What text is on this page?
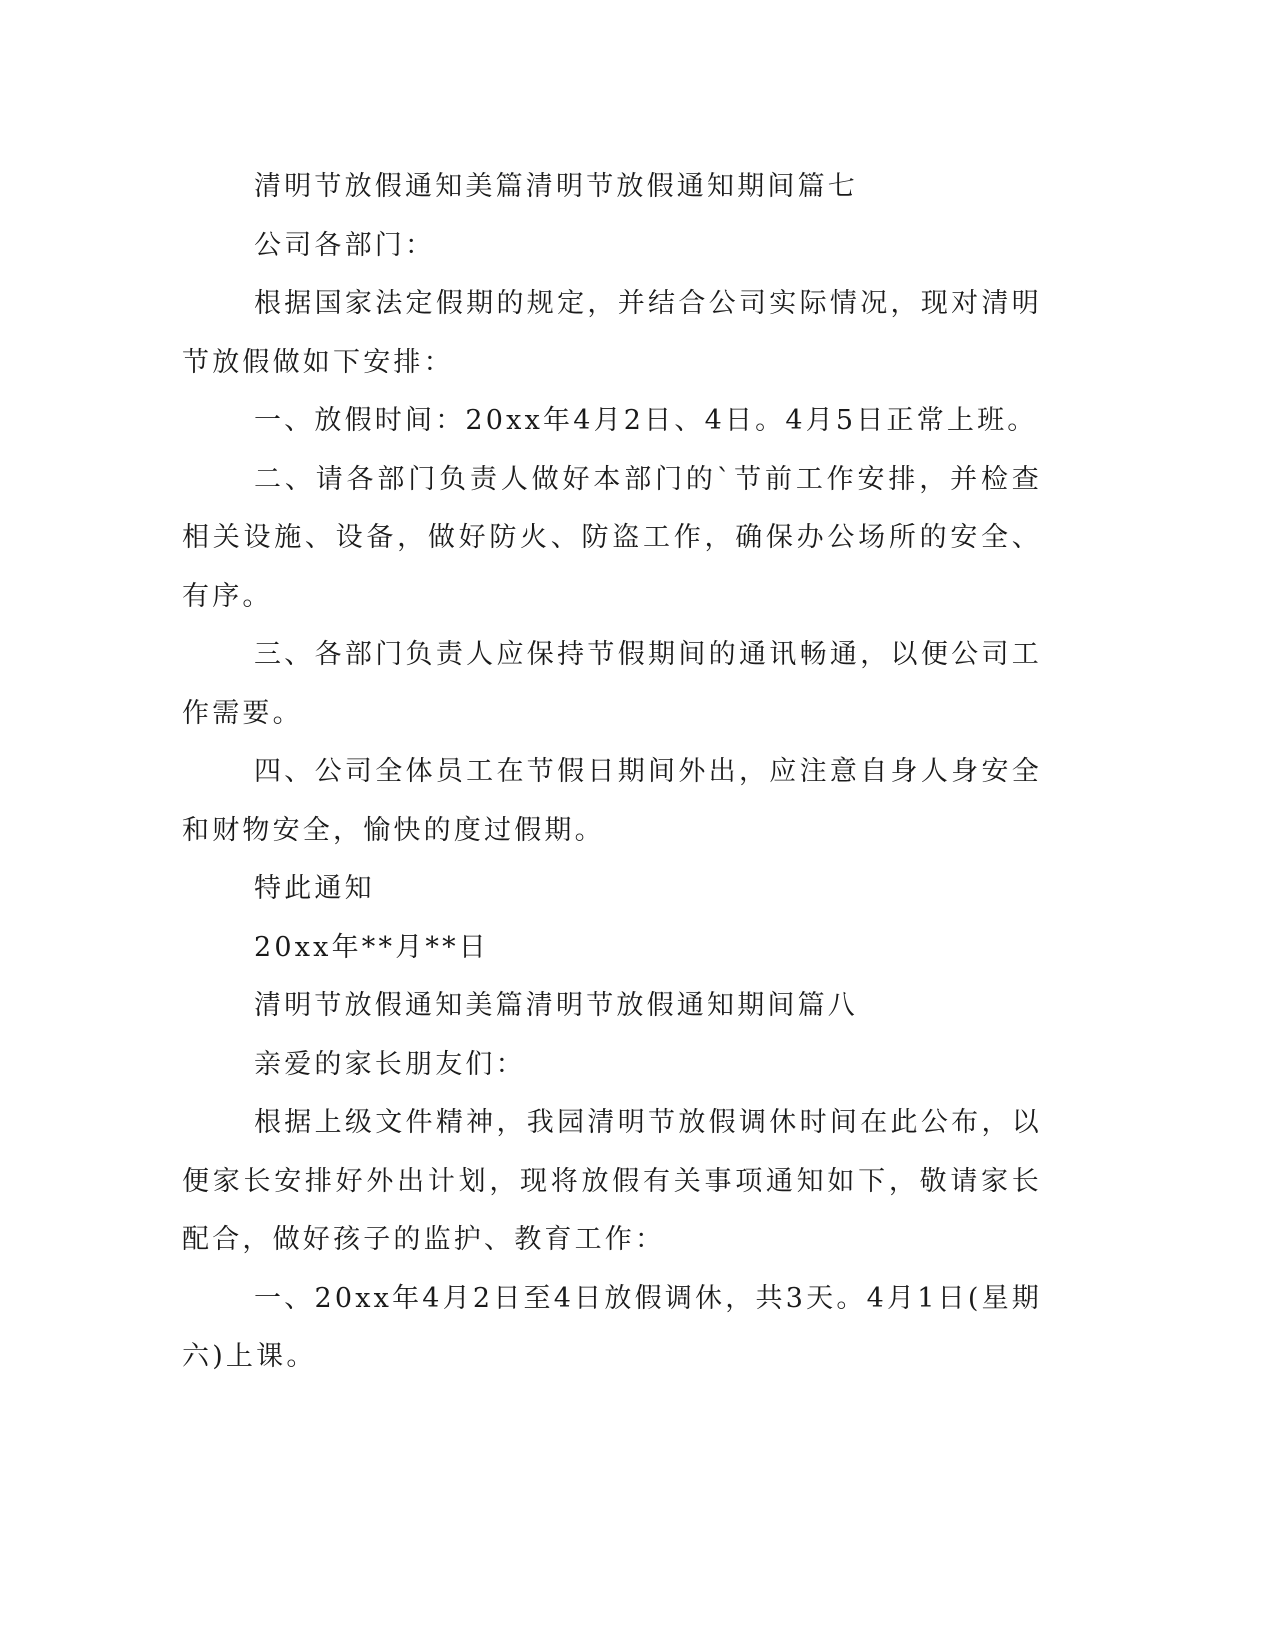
清明节放假通知美篇清明节放假通知期间篇七

公司各部门：

根据国家法定假期的规定，并结合公司实际情况，现对清明节放假做如下安排：

一、放假时间：20xx年4月2日、4日。4月5日正常上班。

二、请各部门负责人做好本部门的`节前工作安排，并检查相关设施、设备，做好防火、防盗工作，确保办公场所的安全、有序。

三、各部门负责人应保持节假期间的通讯畅通，以便公司工作需要。

四、公司全体员工在节假日期间外出，应注意自身人身安全和财物安全，愉快的度过假期。

特此通知

20xx年**月**日

清明节放假通知美篇清明节放假通知期间篇八

亲爱的家长朋友们：

根据上级文件精神，我园清明节放假调休时间在此公布，以便家长安排好外出计划，现将放假有关事项通知如下，敬请家长配合，做好孩子的监护、教育工作：

一、20xx年4月2日至4日放假调休，共3天。4月1日(星期六)上课。
